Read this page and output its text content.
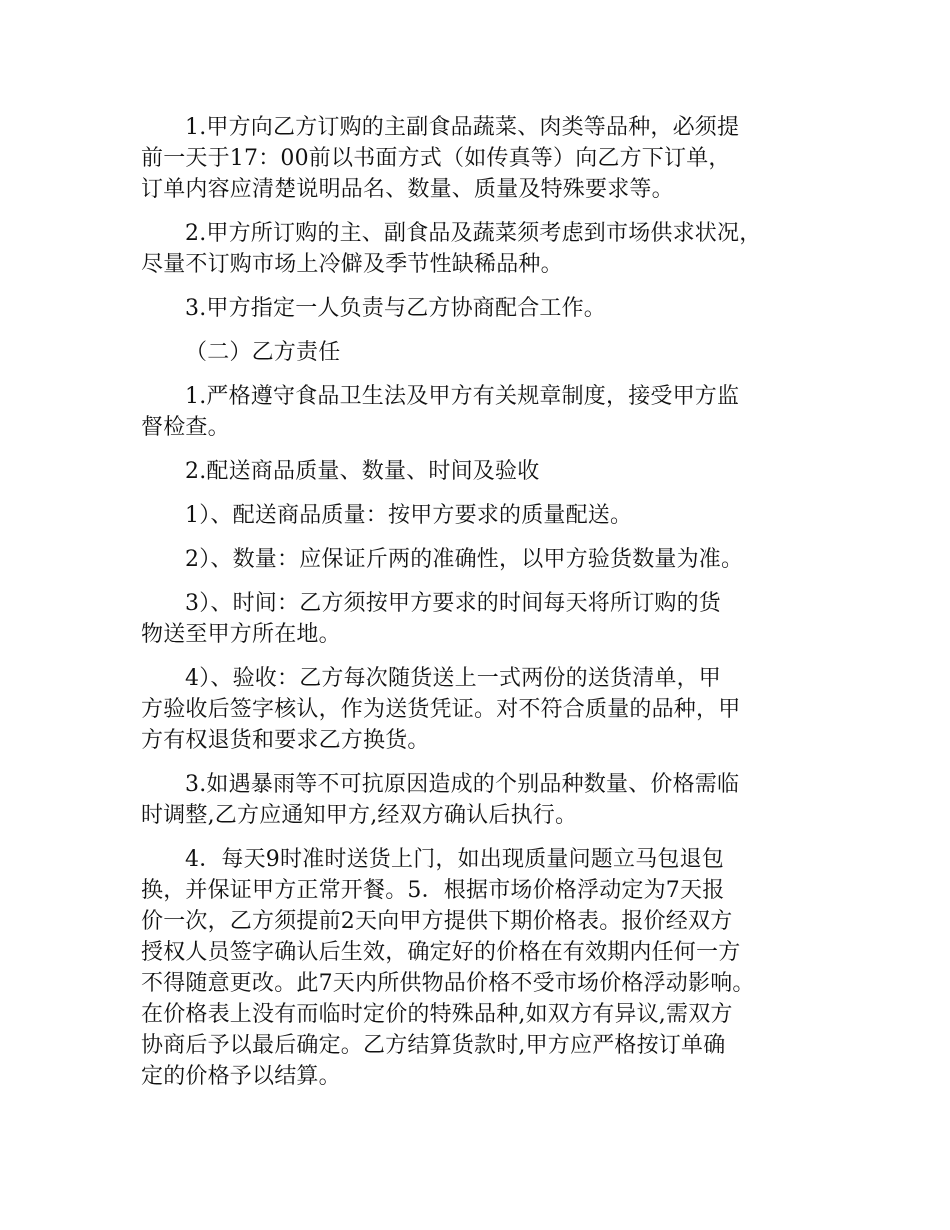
1.甲方向乙方订购的主副食品蔬菜、肉类等品种，必须提
前一天于17：00前以书面方式（如传真等）向乙方下订单，
订单内容应清楚说明品名、数量、质量及特殊要求等。
2.甲方所订购的主、副食品及蔬菜须考虑到市场供求状况，
尽量不订购市场上冷僻及季节性缺稀品种。
3.甲方指定一人负责与乙方协商配合工作。
（二）乙方责任
1.严格遵守食品卫生法及甲方有关规章制度，接受甲方监
督检查。
2.配送商品质量、数量、时间及验收
1）、配送商品质量：按甲方要求的质量配送。
2）、数量：应保证斤两的准确性，以甲方验货数量为准。
3）、时间：乙方须按甲方要求的时间每天将所订购的货
物送至甲方所在地。
4）、验收：乙方每次随货送上一式两份的送货清单，甲
方验收后签字核认，作为送货凭证。对不符合质量的品种，甲
方有权退货和要求乙方换货。
3.如遇暴雨等不可抗原因造成的个别品种数量、价格需临
时调整,乙方应通知甲方,经双方确认后执行。
4．每天9时准时送货上门，如出现质量问题立马包退包
换，并保证甲方正常开餐。5．根据市场价格浮动定为7天报
价一次，乙方须提前2天向甲方提供下期价格表。报价经双方
授权人员签字确认后生效，确定好的价格在有效期内任何一方
不得随意更改。此7天内所供物品价格不受市场价格浮动影响。
在价格表上没有而临时定价的特殊品种,如双方有异议,需双方
协商后予以最后确定。乙方结算货款时,甲方应严格按订单确
定的价格予以结算。
